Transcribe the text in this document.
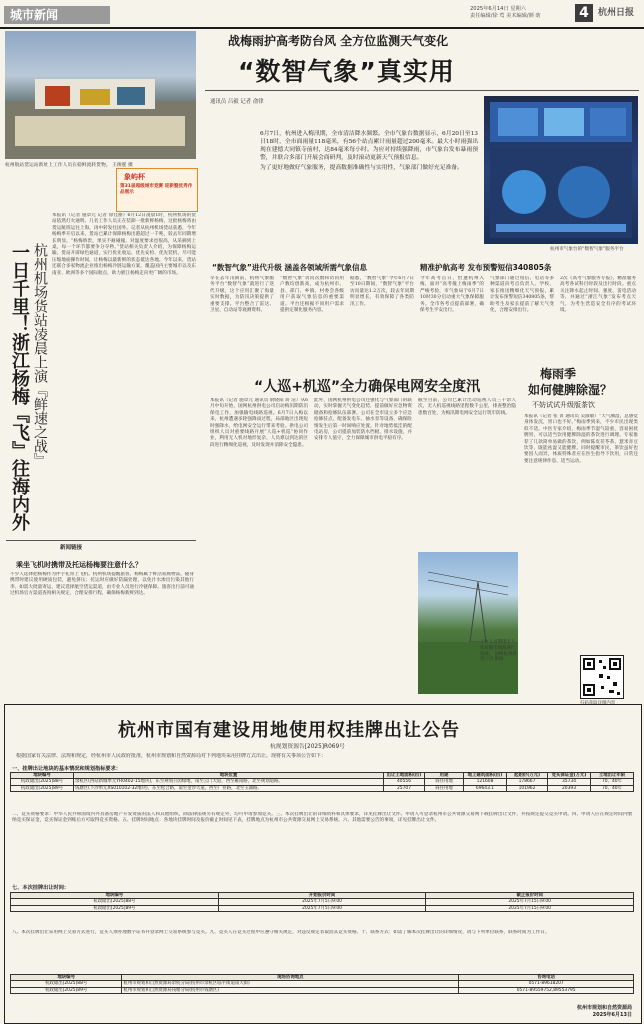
城市新闻	2025年6月14日 星期六
责任编辑/徐 莺 美术编辑/颜 昉	4	杭州日报
杭州航站货运站新址上工作人员在稳鲜流转货物。 王俊霆 摄
一日千里！浙江杨梅『飞』往海内外 杭州机场货站凌晨上演『鲜速之战』
象屿杯
第31届超级城市竞赛 迎新暨优秀作品展示
本报讯（记者 施章元 记者 徐佳丽）6月12日凌晨1时，杭州机场的货站依然灯火通明。几名工作人员正在装卸一批新鲜杨梅，这批杨梅将由货运航班运往上海，再中转发往国外。记者从杭州机场货站获悉，今年杨梅季开启以来，货站已累计保障杨梅出港超过一千吨，较去年同期增长明显。“杨梅娇贵，果实不耐碰撞，对温度要求也很高，从采摘到上桌，每一个环节都要争分夺秒。”货站相关负责人介绍，为保障杨梅运输，货站开辟绿色通道，实行优先收运、优先安检、优先装机，尽可能压缩地面操作时间，让杨梅以最新鲜的状态抵达各地。今年以来，货站还联合多家物流企业推出杨梅冷链运输方案，覆盖国内主要城市以及东南亚、欧洲等多个国际航点，助力浙江杨梅走向更广阔的市场。
新闻链接
乘坐飞机时携带及托运杨梅要注意什么？
不少人选择把杨梅作为伴手礼带上飞机。杭州机场提醒旅客，杨梅属于鲜活易腐物品，随身携带时建议使用硬质包装，避免挤压；托运时应做好防漏处理，以免汁水渗出污染其他行李。如需大批量寄运，建议选择航空货运渠道，由专业人员进行冷链保障。旅客出行前可通过机场官方渠道查询相关规定，合理安排行程，确保杨梅新鲜到达。
战梅雨护高考防台风 全方位监测天气变化
“数智气象”真实用
通讯员 吕毅 记者 俞律
6月7日，杭州进入梅汛期，全市清洁降水频繁。全市气象台数据显示，6月20日至13日18时，全市面雨量118毫米，有56个站点累计雨量超过200毫米。最大小时雨强出现在建德大同镇寺前村，达84毫米每小时。为应对持续强降雨，市气象台发布暴雨预警，并联合多部门开展会商研判，及时滚动更新天气预报信息。
为了更好地做好气象服务，提高数据准确性与实用性，气象部门做好充足准备。
杭州市气象台的“数智气象”服务平台
“数智气象”进代升级 涵盖各领域所需气象信息	精准护航高考 发布预警短信340805条
早在去年汛期前，杭州气象服务平台“数智气象”就进行了迭代升级，这个应用汇聚了海量实时数据，为防汛决策提供了重要支撑。平台整合了雷达、卫星、自动站等观测资料。
“数智气象”访问次数和访问用户数均创新高，成为杭州市、县、部门、乡镇、村委会各级用户获取气象信息的重要渠道。平台还根据不同用户需求提供定制化服务内容。
据悉，“数智气象”今年6月7日至10日期间，“数智气象”平台访问量达1.2万次，较去年同期明显增长，有效保障了各类防汛工作。
今年高考首日，恰逢杭州入梅，面对“高考撞上梅雨季”的严峻考验，市气象局于6月7日10时30分启动重大气象保障服务。全市各考点提前部署，确保考生平安出行。
气象部门通过短信、电话等多种渠道向考点负责人、学校、家长推送精细化天气预报，累计发布预警短信340805条，帮助考生及家长提前了解天气变化，合理安排出行。
2次《高考气象服务专报》，精准服务高考各试科目时段及出行时段。重点关注降水起止时间、强度、雷电活动等，并通过“浙江气象”发布考点天气，为考生营造安全有序的考试环境。
“人巡+机巡”全力确保电网安全度汛
本报讯（记者 施章元 通讯员 俞晓阳 蒋 洁）从6月中旬开始，国网杭州供电公司启动梅汛期防汛保电工作，加强输电线路巡视。6月7日入梅以来，杭州遭遇多轮强降雨过程，局部地区出现短时强降水，给电网安全运行带来考验。供电公司组织人员对重要线路开展“人巡+机巡”协同作业，利用无人机对地形复杂、人员难以到达的区段进行精细化巡视，及时发现并消除安全隐患。
此外，国网杭州供电公司还强化与气象部门的联动，实时掌握天气变化趋势，提前做好应急物资储备和抢修队伍部署。公司在全市设立多个应急抢修驻点，配备发电车、抽水泵等设备，确保险情发生后第一时间响应处置。针对地势低洼的配电站房，公司提前加装防水挡板、排水设施，并安排专人值守，全力保障城市供电平稳有序。
截至目前，公司已累计出动巡视人员三千余人次，无人机巡视线路里程数千公里，排查整治隐患数百处，为梅汛期电网安全运行筑牢防线。
工作人员利用无人机对输电线路进行巡视。 国网杭州供电公司 供图
梅雨季
如何健脾除湿？
不妨试试升级版茶饮
本报讯（记者 张 菁 通讯员 吴淑敏）“天气潮湿，总感觉身体发沉，胃口也不好。”梅雨季到来，不少市民出现类似不适。中医专家介绍，梅雨季节湿气较重，容易困扰脾胃，可以适当饮用健脾除湿的茶饮进行调理。专家推荐了几款简单易做的茶饮，例如陈皮茯苓茶、薏米赤豆饮等，既能祛湿又能健脾。同时提醒市民，茶饮虽好也要因人而异，体质特殊者应在医生指导下饮用，日常还要注意规律作息、适当运动。
杭州市国有建设用地使用权挂牌出让公告
杭规划资源告[2025]R069号
根据国家有关法律、法规和规定，经杭州市人民政府批准，杭州市规划和自然资源局对下列地块采用挂牌方式出让。现将有关事项公告如下：
一、挂牌出让地块的基本情况和规划指标要求：
地块编号	地块位置	出让土地面积(㎡)	用途	地上建筑面积(㎡)	起始价(万元)	竞买保证金(万元)	土地出让年限
杭政储出[2025]88号	余杭区(西站新城单元YH0402-15地块)，东至规划公园绿地，南至云门大道，西至雁南路，北至规划道路。	40556	商住用地	121608	178667	35734	70、40年
杭政储出[2025]89号	钱塘区(下沙单元XS010102-32地块)，东至松合路，南至金沙大道，西至广业路，北至玉湖路。	25707	商住用地	69643.1	101962	20393	70、40年
二、竞买资格要求：中华人民共和国境内外具备房地产开发资质的法人和其他组织，除法律法规另有规定外，均可申请参加竞买。三、本次挂牌出让的详细资料和具体要求，详见挂牌出让文件。申请人可登录杭州市公共资源交易网下载挂牌出让文件，并按规定提交竞买申请。四、申请人应在规定时间内缴纳竞买保证金，竞买保证金到账后方可取得竞买资格。五、挂牌时间地点：各地块挂牌时间及报价截止时间见下表，挂牌地点为杭州市公共资源交易网上交易系统。六、其他需要公告的事项，详见挂牌出让文件。
七、本次挂牌出让时间：
地块编号	开始报价时间	截止报价时间
杭政储出[2025]88号	2025年7月5日9:00	2025年7月15日9:00
杭政储出[2025]89号	2025年7月5日9:00	2025年7月15日9:00
八、本次挂牌出让采用网上交易方式进行，竞买人须办理数字证书并登录网上交易系统参与竞买。九、竞买人在竞买过程中应遵守相关规定，对违反规定者取消其竞买资格。十、联系方式：如需了解本次挂牌出让的详细情况，请与下列单位联系，联系时间为工作日。
地块编号	现场咨询地点	咨询电话
杭政储出[2025]88号	杭州市规划和自然资源局余杭分局(杭州市余杭区临平街道南大街)	0571-89618207
杭政储出[2025]89号	杭州市规划和自然资源局钱塘分局(杭州市钱塘区)	0571-89559752,89553795
杭州市规划和自然资源局
2025年6月13日
